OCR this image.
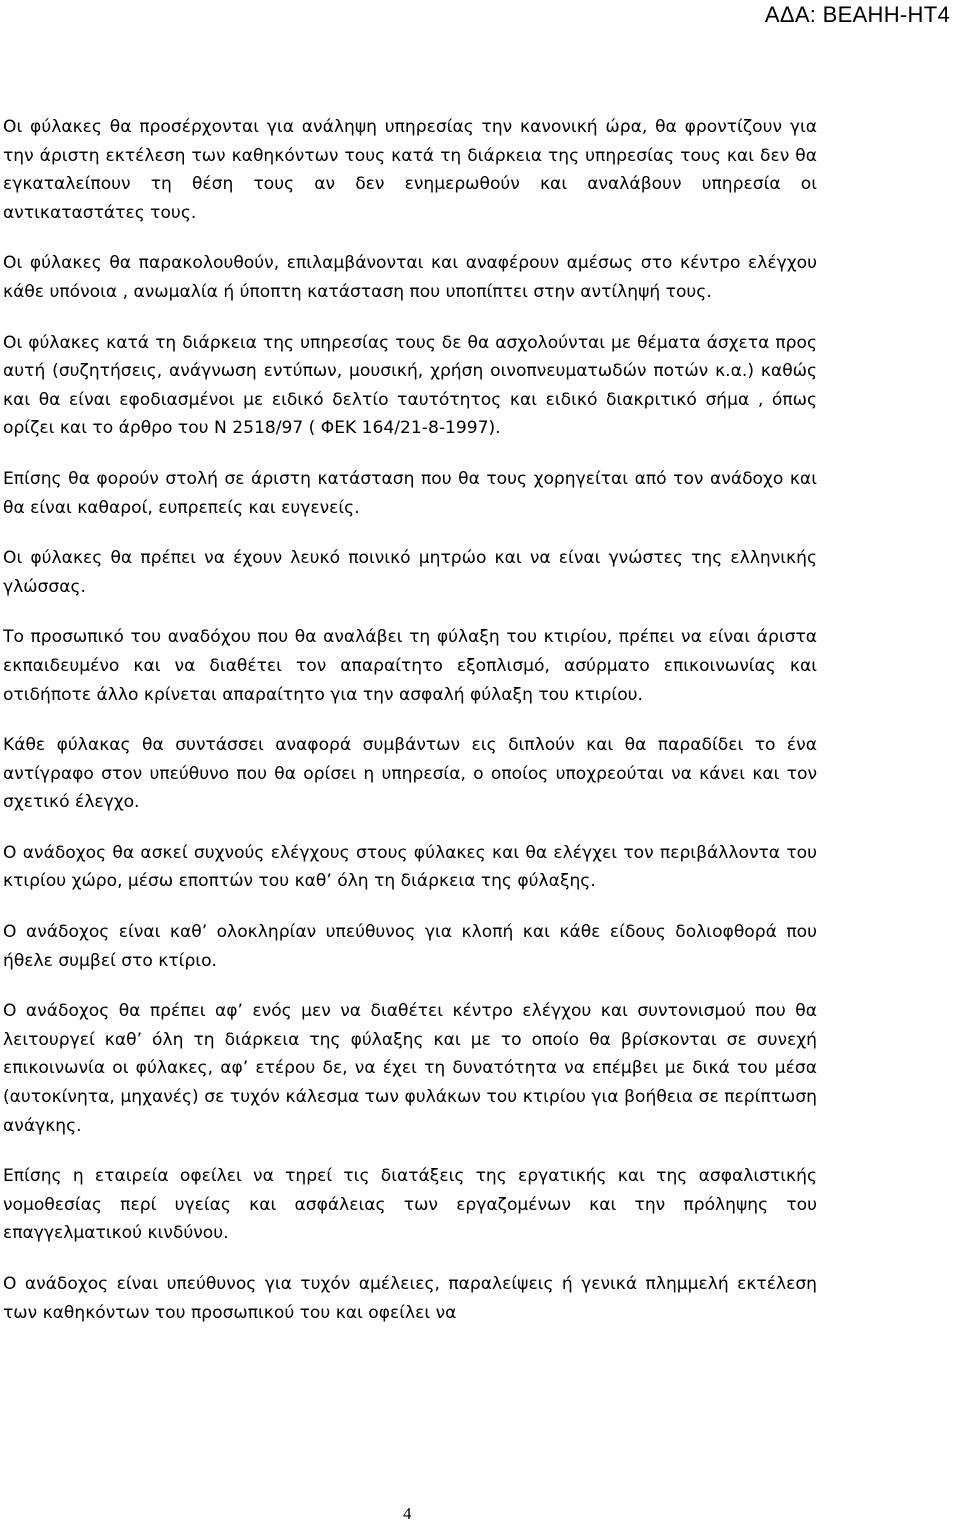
ΑΔΑ: ΒΕΑΗΗ-ΗΤ4

Οι φύλακες θα προσέρχονται για ανάληψη υπηρεσίας την κανονική ώρα, θα φροντίζουν για την άριστη εκτέλεση των καθηκόντων τους κατά τη διάρκεια της υπηρεσίας τους και δεν θα εγκαταλείπουν τη θέση τους αν δεν ενημερωθούν και αναλάβουν υπηρεσία οι αντικαταστάτες τους.

Οι φύλακες θα παρακολουθούν, επιλαμβάνονται και αναφέρουν αμέσως στο κέντρο ελέγχου κάθε υπόνοια , ανωμαλία ή ύποπτη κατάσταση που υποπίπτει στην αντίληψή τους.

Οι φύλακες κατά τη διάρκεια της υπηρεσίας τους δε θα ασχολούνται με θέματα άσχετα προς αυτή (συζητήσεις, ανάγνωση εντύπων, μουσική, χρήση οινοπνευματωδών ποτών κ.α.) καθώς και θα είναι εφοδιασμένοι με ειδικό δελτίο ταυτότητος και ειδικό διακριτικό σήμα , όπως ορίζει και το άρθρο του Ν 2518/97 ( ΦΕΚ 164/21-8-1997).

Επίσης θα φορούν στολή σε άριστη κατάσταση που θα τους χορηγείται από τον ανάδοχο και θα είναι καθαροί, ευπρεπείς και ευγενείς.

Οι φύλακες θα πρέπει να έχουν λευκό ποινικό μητρώο και να είναι γνώστες της ελληνικής γλώσσας.

Το προσωπικό του αναδόχου που θα αναλάβει τη φύλαξη του κτιρίου, πρέπει να είναι άριστα εκπαιδευμένο και να διαθέτει τον απαραίτητο εξοπλισμό, ασύρματο επικοινωνίας και οτιδήποτε άλλο κρίνεται απαραίτητο για την ασφαλή φύλαξη του κτιρίου.

Κάθε φύλακας θα συντάσσει αναφορά συμβάντων εις διπλούν και θα παραδίδει το ένα αντίγραφο στον υπεύθυνο που θα ορίσει η υπηρεσία, ο οποίος υποχρεούται να κάνει και τον σχετικό έλεγχο.

Ο ανάδοχος θα ασκεί συχνούς ελέγχους στους φύλακες και θα ελέγχει τον περιβάλλοντα του κτιρίου χώρο, μέσω εποπτών του καθ’ όλη τη διάρκεια της φύλαξης.

Ο ανάδοχος είναι καθ’ ολοκληρίαν υπεύθυνος για κλοπή και κάθε είδους δολιοφθορά που ήθελε συμβεί στο κτίριο.

Ο ανάδοχος θα πρέπει αφ’ ενός μεν να διαθέτει κέντρο ελέγχου και συντονισμού που θα λειτουργεί καθ’ όλη τη διάρκεια της φύλαξης και με το οποίο θα βρίσκονται σε συνεχή επικοινωνία οι φύλακες, αφ’ ετέρου δε, να έχει τη δυνατότητα να επέμβει με δικά του μέσα (αυτοκίνητα, μηχανές) σε τυχόν κάλεσμα των φυλάκων του κτιρίου για βοήθεια σε περίπτωση ανάγκης.

Επίσης η εταιρεία οφείλει να τηρεί τις διατάξεις της εργατικής και της ασφαλιστικής νομοθεσίας περί υγείας και ασφάλειας των εργαζομένων και την πρόληψης του επαγγελματικού κινδύνου.

Ο ανάδοχος είναι υπεύθυνος για τυχόν αμέλειες, παραλείψεις ή γενικά πλημμελή εκτέλεση των καθηκόντων του προσωπικού του και οφείλει να

4
